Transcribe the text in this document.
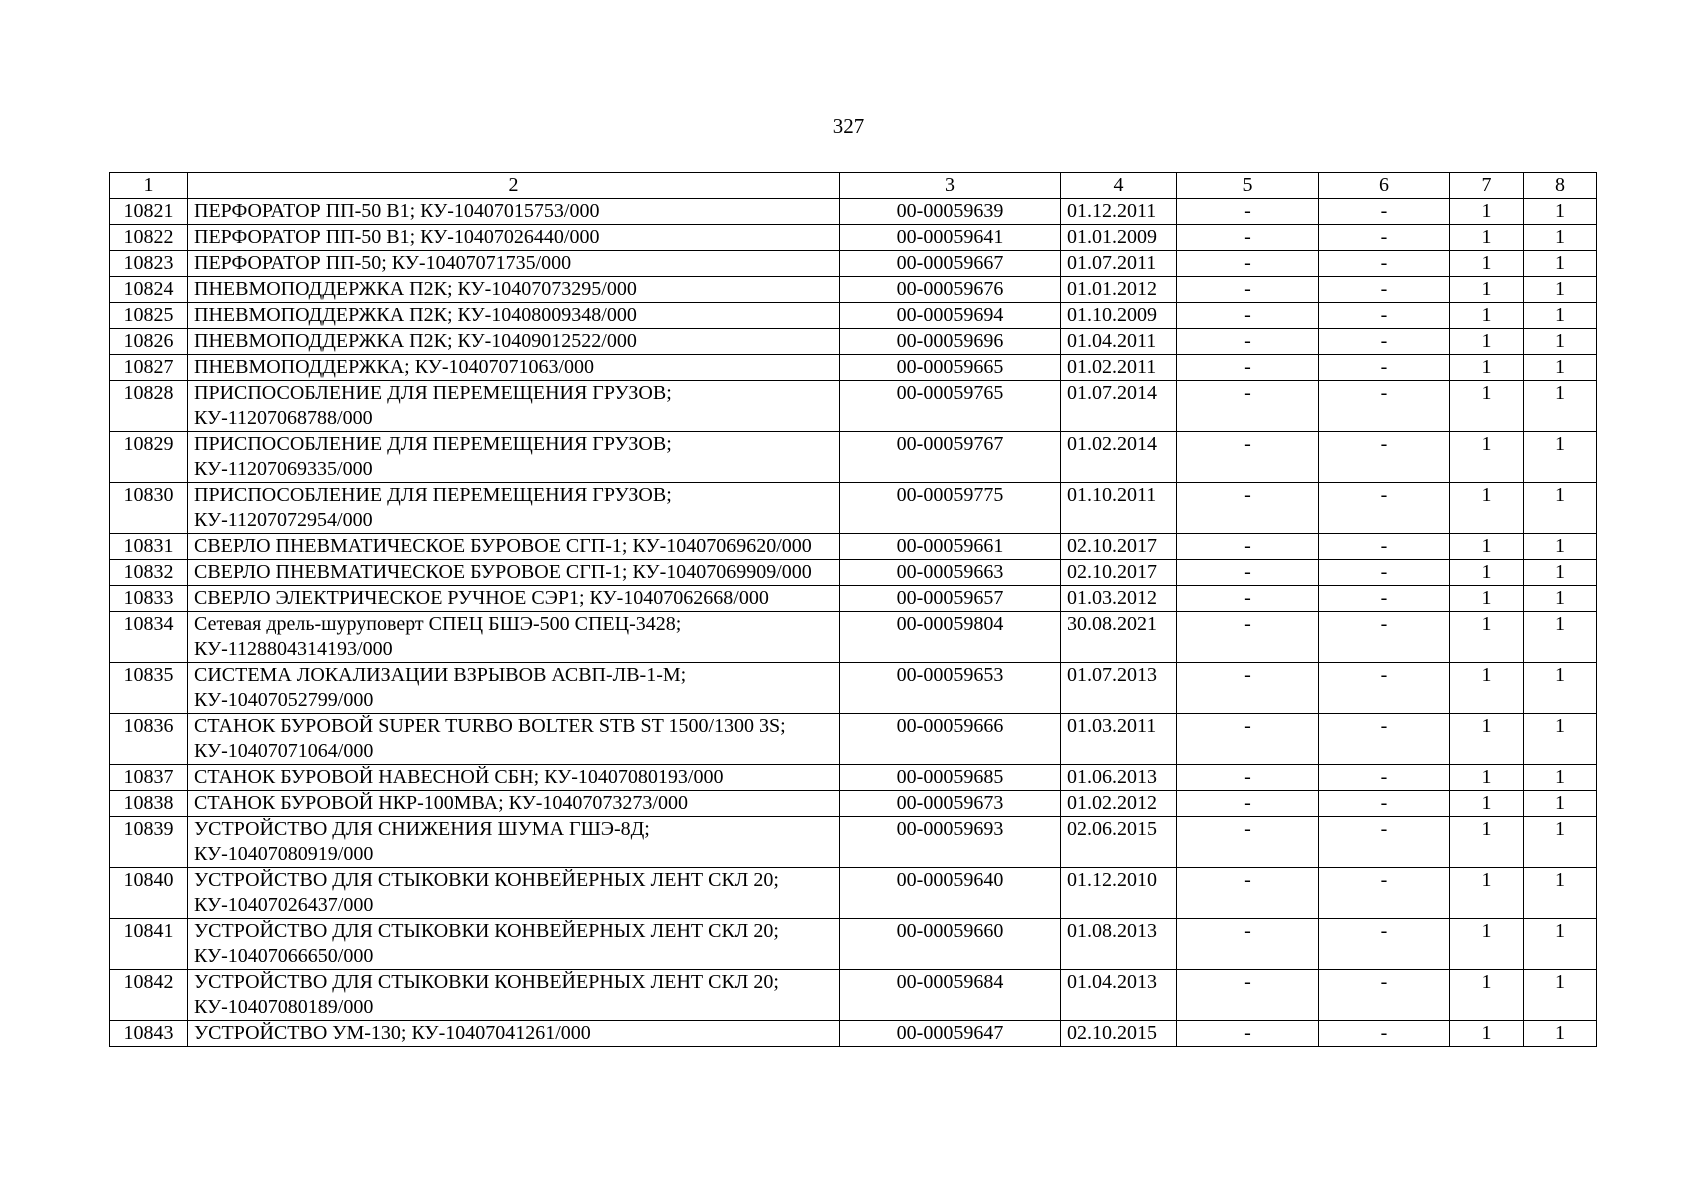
327
1	2	3	4	5	6	7	8
10821	ПЕРФОРАТОР ПП-50 В1; КУ-10407015753/000	00-00059639	01.12.2011	-	-	1	1
10822	ПЕРФОРАТОР ПП-50 В1; КУ-10407026440/000	00-00059641	01.01.2009	-	-	1	1
10823	ПЕРФОРАТОР ПП-50; КУ-10407071735/000	00-00059667	01.07.2011	-	-	1	1
10824	ПНЕВМОПОДДЕРЖКА П2К; КУ-10407073295/000	00-00059676	01.01.2012	-	-	1	1
10825	ПНЕВМОПОДДЕРЖКА П2К; КУ-10408009348/000	00-00059694	01.10.2009	-	-	1	1
10826	ПНЕВМОПОДДЕРЖКА П2К; КУ-10409012522/000	00-00059696	01.04.2011	-	-	1	1
10827	ПНЕВМОПОДДЕРЖКА; КУ-10407071063/000	00-00059665	01.02.2011	-	-	1	1
10828	ПРИСПОСОБЛЕНИЕ ДЛЯ ПЕРЕМЕЩЕНИЯ ГРУЗОВ; КУ-11207068788/000	00-00059765	01.07.2014	-	-	1	1
10829	ПРИСПОСОБЛЕНИЕ ДЛЯ ПЕРЕМЕЩЕНИЯ ГРУЗОВ; КУ-11207069335/000	00-00059767	01.02.2014	-	-	1	1
10830	ПРИСПОСОБЛЕНИЕ ДЛЯ ПЕРЕМЕЩЕНИЯ ГРУЗОВ; КУ-11207072954/000	00-00059775	01.10.2011	-	-	1	1
10831	СВЕРЛО ПНЕВМАТИЧЕСКОЕ БУРОВОЕ СГП-1; КУ-10407069620/000	00-00059661	02.10.2017	-	-	1	1
10832	СВЕРЛО ПНЕВМАТИЧЕСКОЕ БУРОВОЕ СГП-1; КУ-10407069909/000	00-00059663	02.10.2017	-	-	1	1
10833	СВЕРЛО ЭЛЕКТРИЧЕСКОЕ РУЧНОЕ СЭР1; КУ-10407062668/000	00-00059657	01.03.2012	-	-	1	1
10834	Сетевая дрель-шуруповерт СПЕЦ БШЭ-500 СПЕЦ-3428; КУ-1128804314193/000	00-00059804	30.08.2021	-	-	1	1
10835	СИСТЕМА ЛОКАЛИЗАЦИИ ВЗРЫВОВ АСВП-ЛВ-1-М; КУ-10407052799/000	00-00059653	01.07.2013	-	-	1	1
10836	СТАНОК БУРОВОЙ SUPER TURBO BOLTER STB ST 1500/1300 3S; КУ-10407071064/000	00-00059666	01.03.2011	-	-	1	1
10837	СТАНОК БУРОВОЙ НАВЕСНОЙ СБН; КУ-10407080193/000	00-00059685	01.06.2013	-	-	1	1
10838	СТАНОК БУРОВОЙ НКР-100МВА; КУ-10407073273/000	00-00059673	01.02.2012	-	-	1	1
10839	УСТРОЙСТВО ДЛЯ СНИЖЕНИЯ ШУМА ГШЭ-8Д; КУ-10407080919/000	00-00059693	02.06.2015	-	-	1	1
10840	УСТРОЙСТВО ДЛЯ СТЫКОВКИ КОНВЕЙЕРНЫХ ЛЕНТ СКЛ 20; КУ-10407026437/000	00-00059640	01.12.2010	-	-	1	1
10841	УСТРОЙСТВО ДЛЯ СТЫКОВКИ КОНВЕЙЕРНЫХ ЛЕНТ СКЛ 20; КУ-10407066650/000	00-00059660	01.08.2013	-	-	1	1
10842	УСТРОЙСТВО ДЛЯ СТЫКОВКИ КОНВЕЙЕРНЫХ ЛЕНТ СКЛ 20; КУ-10407080189/000	00-00059684	01.04.2013	-	-	1	1
10843	УСТРОЙСТВО УМ-130; КУ-10407041261/000	00-00059647	02.10.2015	-	-	1	1
